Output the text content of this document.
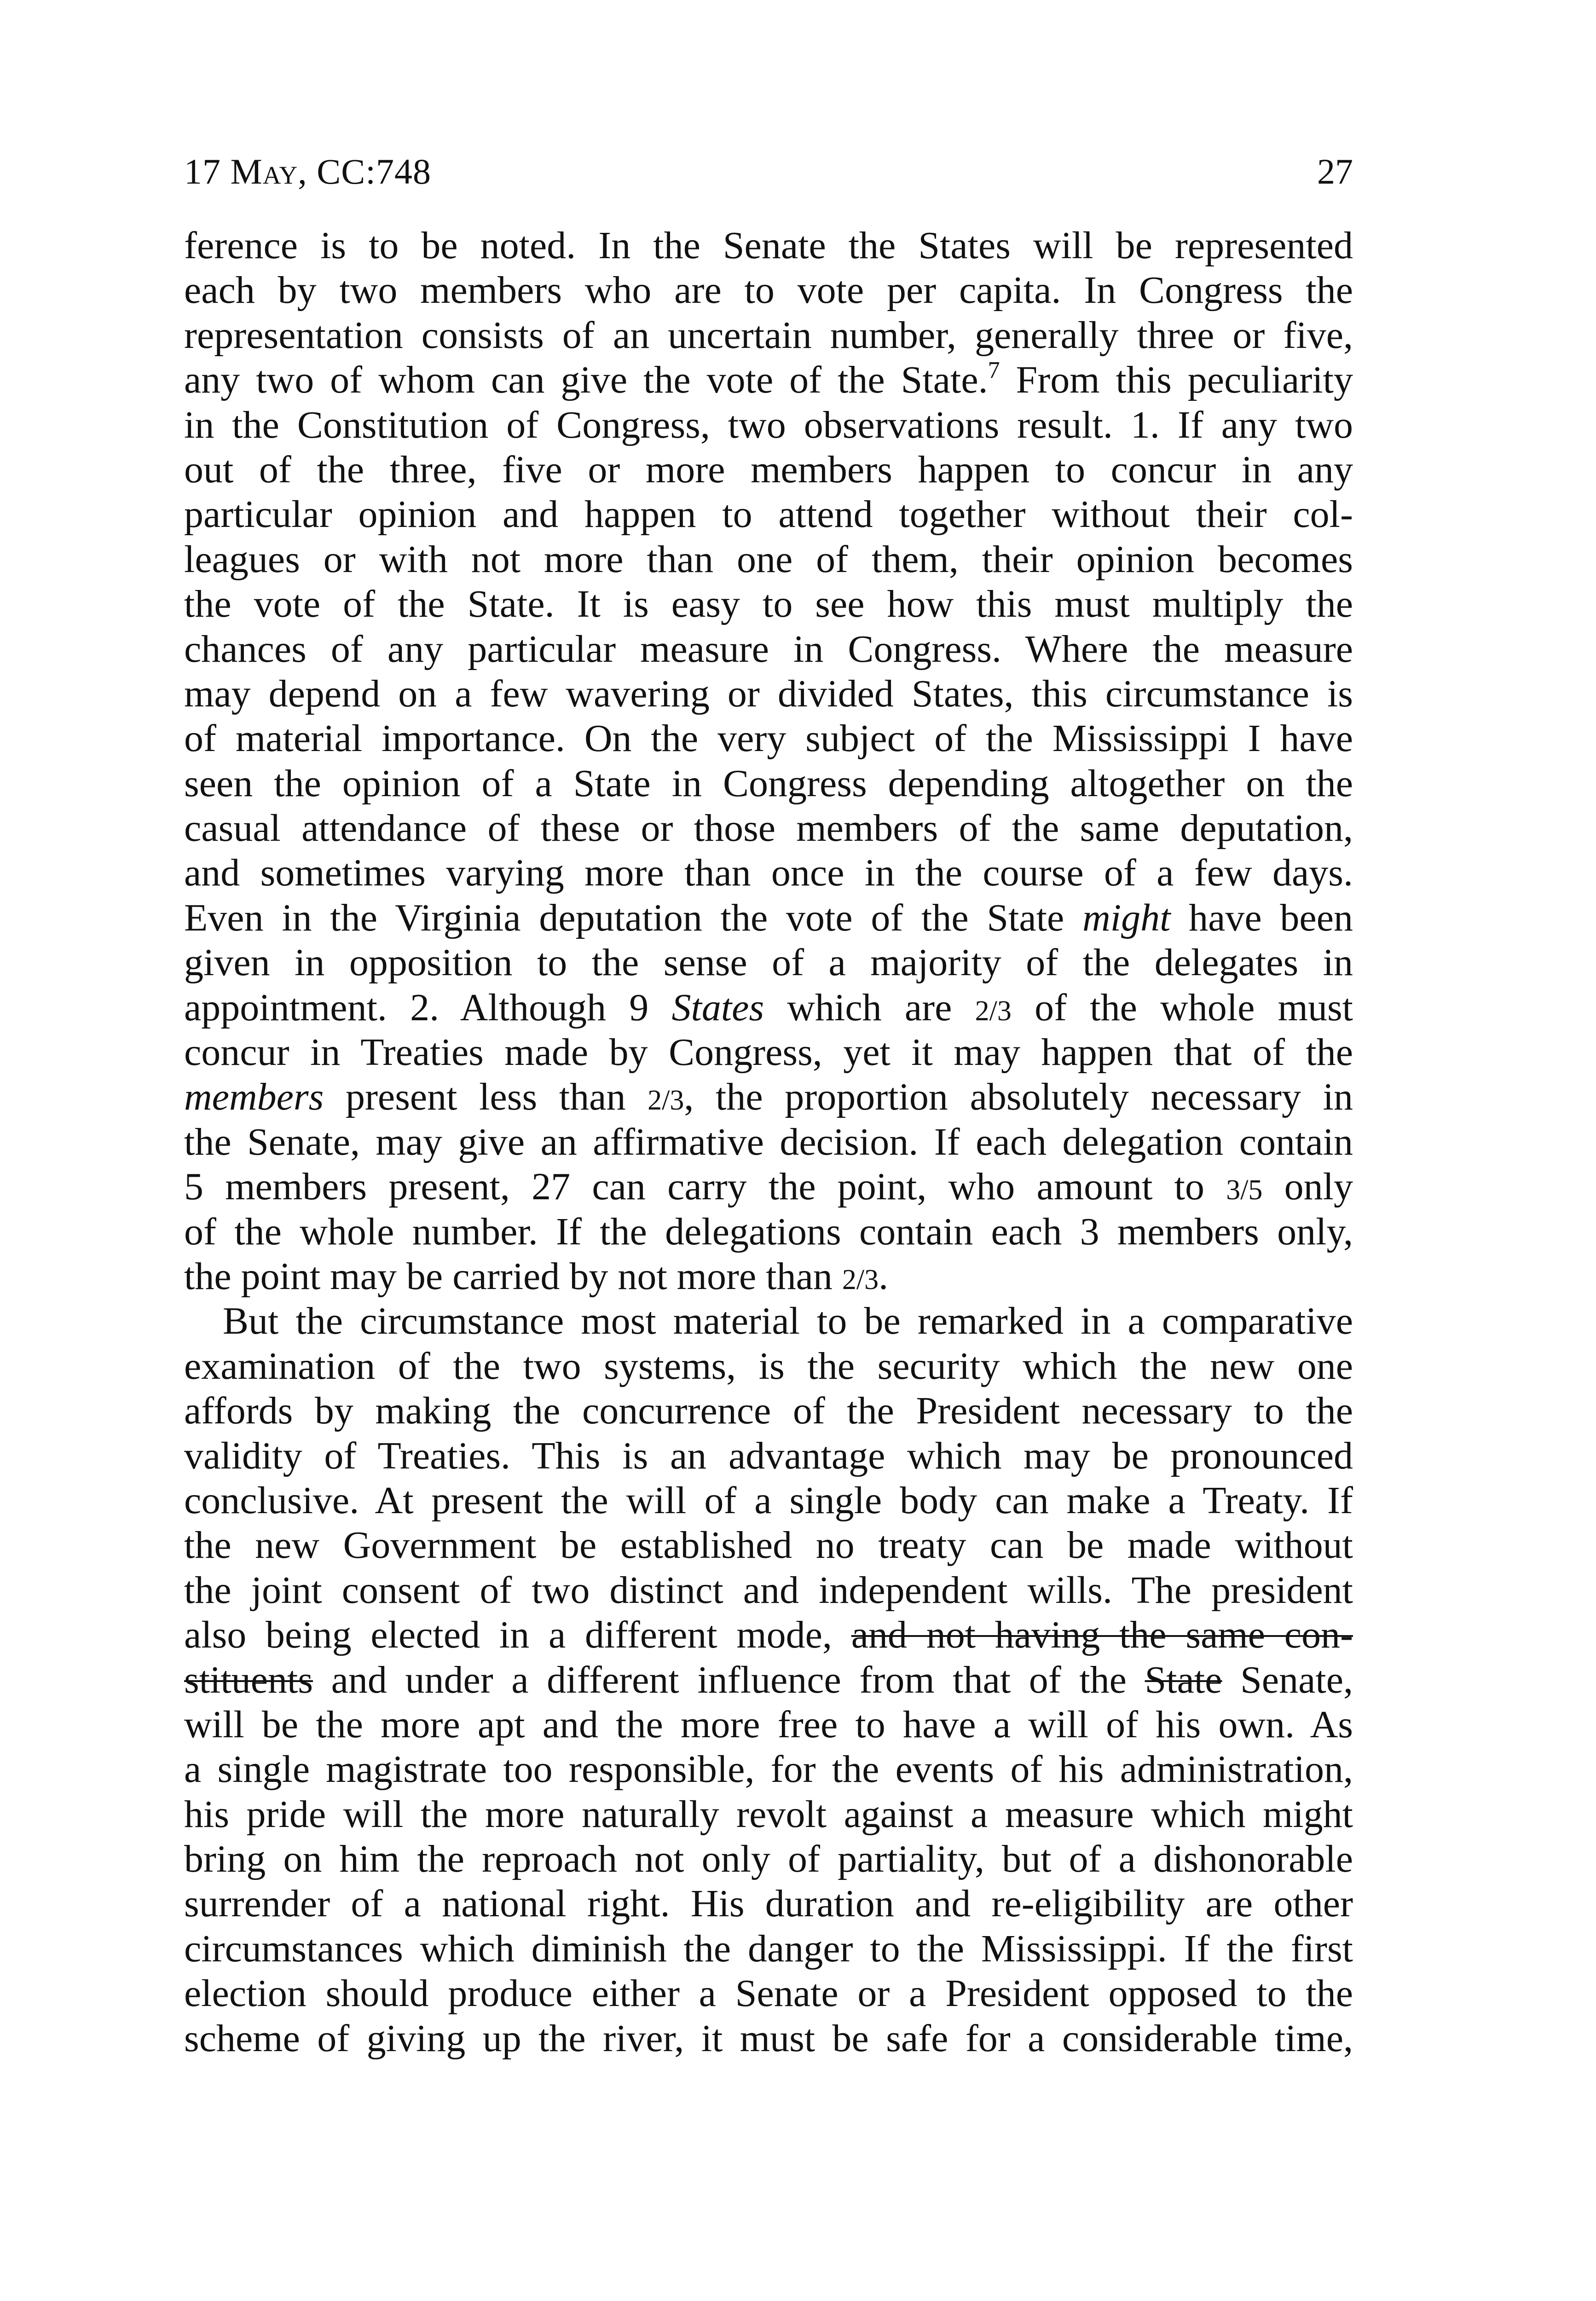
17 May, CC:748	27
ference is to be noted. In the Senate the States will be represented
each by two members who are to vote per capita. In Congress the
representation consists of an uncertain number, generally three or five,
any two of whom can give the vote of the State.$^7$ From this peculiarity
in the Constitution of Congress, two observations result. 1. If any two
out of the three, five or more members happen to concur in any
particular opinion and happen to attend together without their col-
leagues or with not more than one of them, their opinion becomes
the vote of the State. It is easy to see how this must multiply the
chances of any particular measure in Congress. Where the measure
may depend on a few wavering or divided States, this circumstance is
of material importance. On the very subject of the Mississippi I have
seen the opinion of a State in Congress depending altogether on the
casual attendance of these or those members of the same deputation,
and sometimes varying more than once in the course of a few days.
Even in the Virginia deputation the vote of the State might have been
given in opposition to the sense of a majority of the delegates in
appointment. 2. Although 9 States which are 2/3 of the whole must
concur in Treaties made by Congress, yet it may happen that of the
members present less than 2/3, the proportion absolutely necessary in
the Senate, may give an affirmative decision. If each delegation contain
5 members present, 27 can carry the point, who amount to 3/5 only
of the whole number. If the delegations contain each 3 members only,
the point may be carried by not more than 2/3.
But the circumstance most material to be remarked in a comparative
examination of the two systems, is the security which the new one
affords by making the concurrence of the President necessary to the
validity of Treaties. This is an advantage which may be pronounced
conclusive. At present the will of a single body can make a Treaty. If
the new Government be established no treaty can be made without
the joint consent of two distinct and independent wills. The president
also being elected in a different mode, and not having the same con-
stituents and under a different influence from that of the State Senate,
will be the more apt and the more free to have a will of his own. As
a single magistrate too responsible, for the events of his administration,
his pride will the more naturally revolt against a measure which might
bring on him the reproach not only of partiality, but of a dishonorable
surrender of a national right. His duration and re-eligibility are other
circumstances which diminish the danger to the Mississippi. If the first
election should produce either a Senate or a President opposed to the
scheme of giving up the river, it must be safe for a considerable time,
